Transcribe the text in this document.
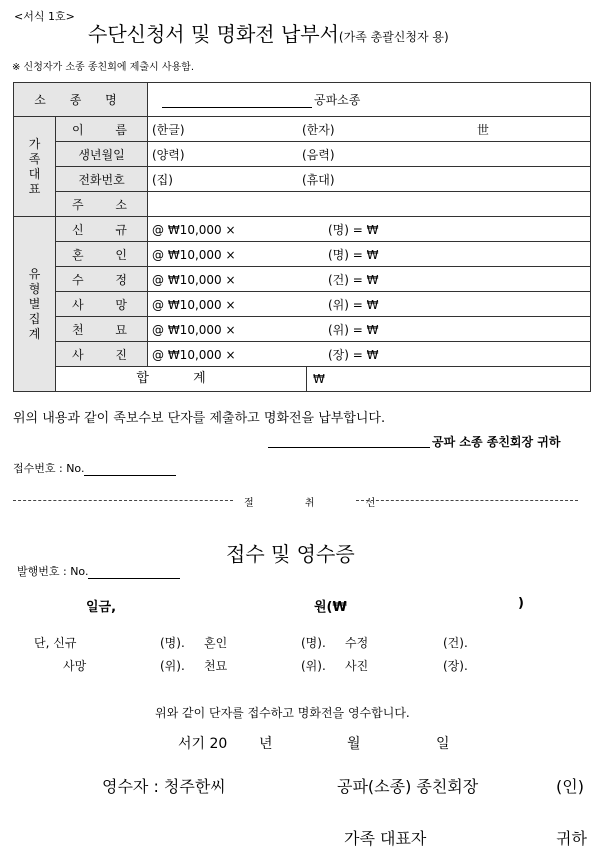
<서식 1호>
수단신청서 및 명화전 납부서(가족 총괄신청자 용)
※ 신청자가 소종 종친회에 제출시 사용함.
소 종 명		공파소종

가
족
대
표	이 름	(한글) (한자) 世
	생년월일	(양력) (음력)
	전화번호	(집) (휴대)
	주 소	

유
형
별
집
계	신 규	@ ₩10,000 × (명) = ₩
	혼 인	@ ₩10,000 × (명) = ₩
	수 정	@ ₩10,000 × (건) = ₩
	사 망	@ ₩10,000 × (위) = ₩
	천 묘	@ ₩10,000 × (위) = ₩
	사 진	@ ₩10,000 × (장) = ₩

	합 계 ₩	
위의 내용과 같이 족보수보 단자를 제출하고 명화전을 납부합니다.
공파 소종 종친회장 귀하
접수번호 : No.
절 취 선
접수 및 영수증
발행번호 : No.
일금,	원(₩	)
단, 신규	(명). 혼인	(명). 수정	(건).
사망	(위). 천묘	(위). 사진	(장).
위와 같이 단자를 접수하고 명화전을 영수합니다.
서기 20 년	월	일
영수자 : 청주한씨	공파(소종) 종친회장	(인)
가족 대표자	귀하
